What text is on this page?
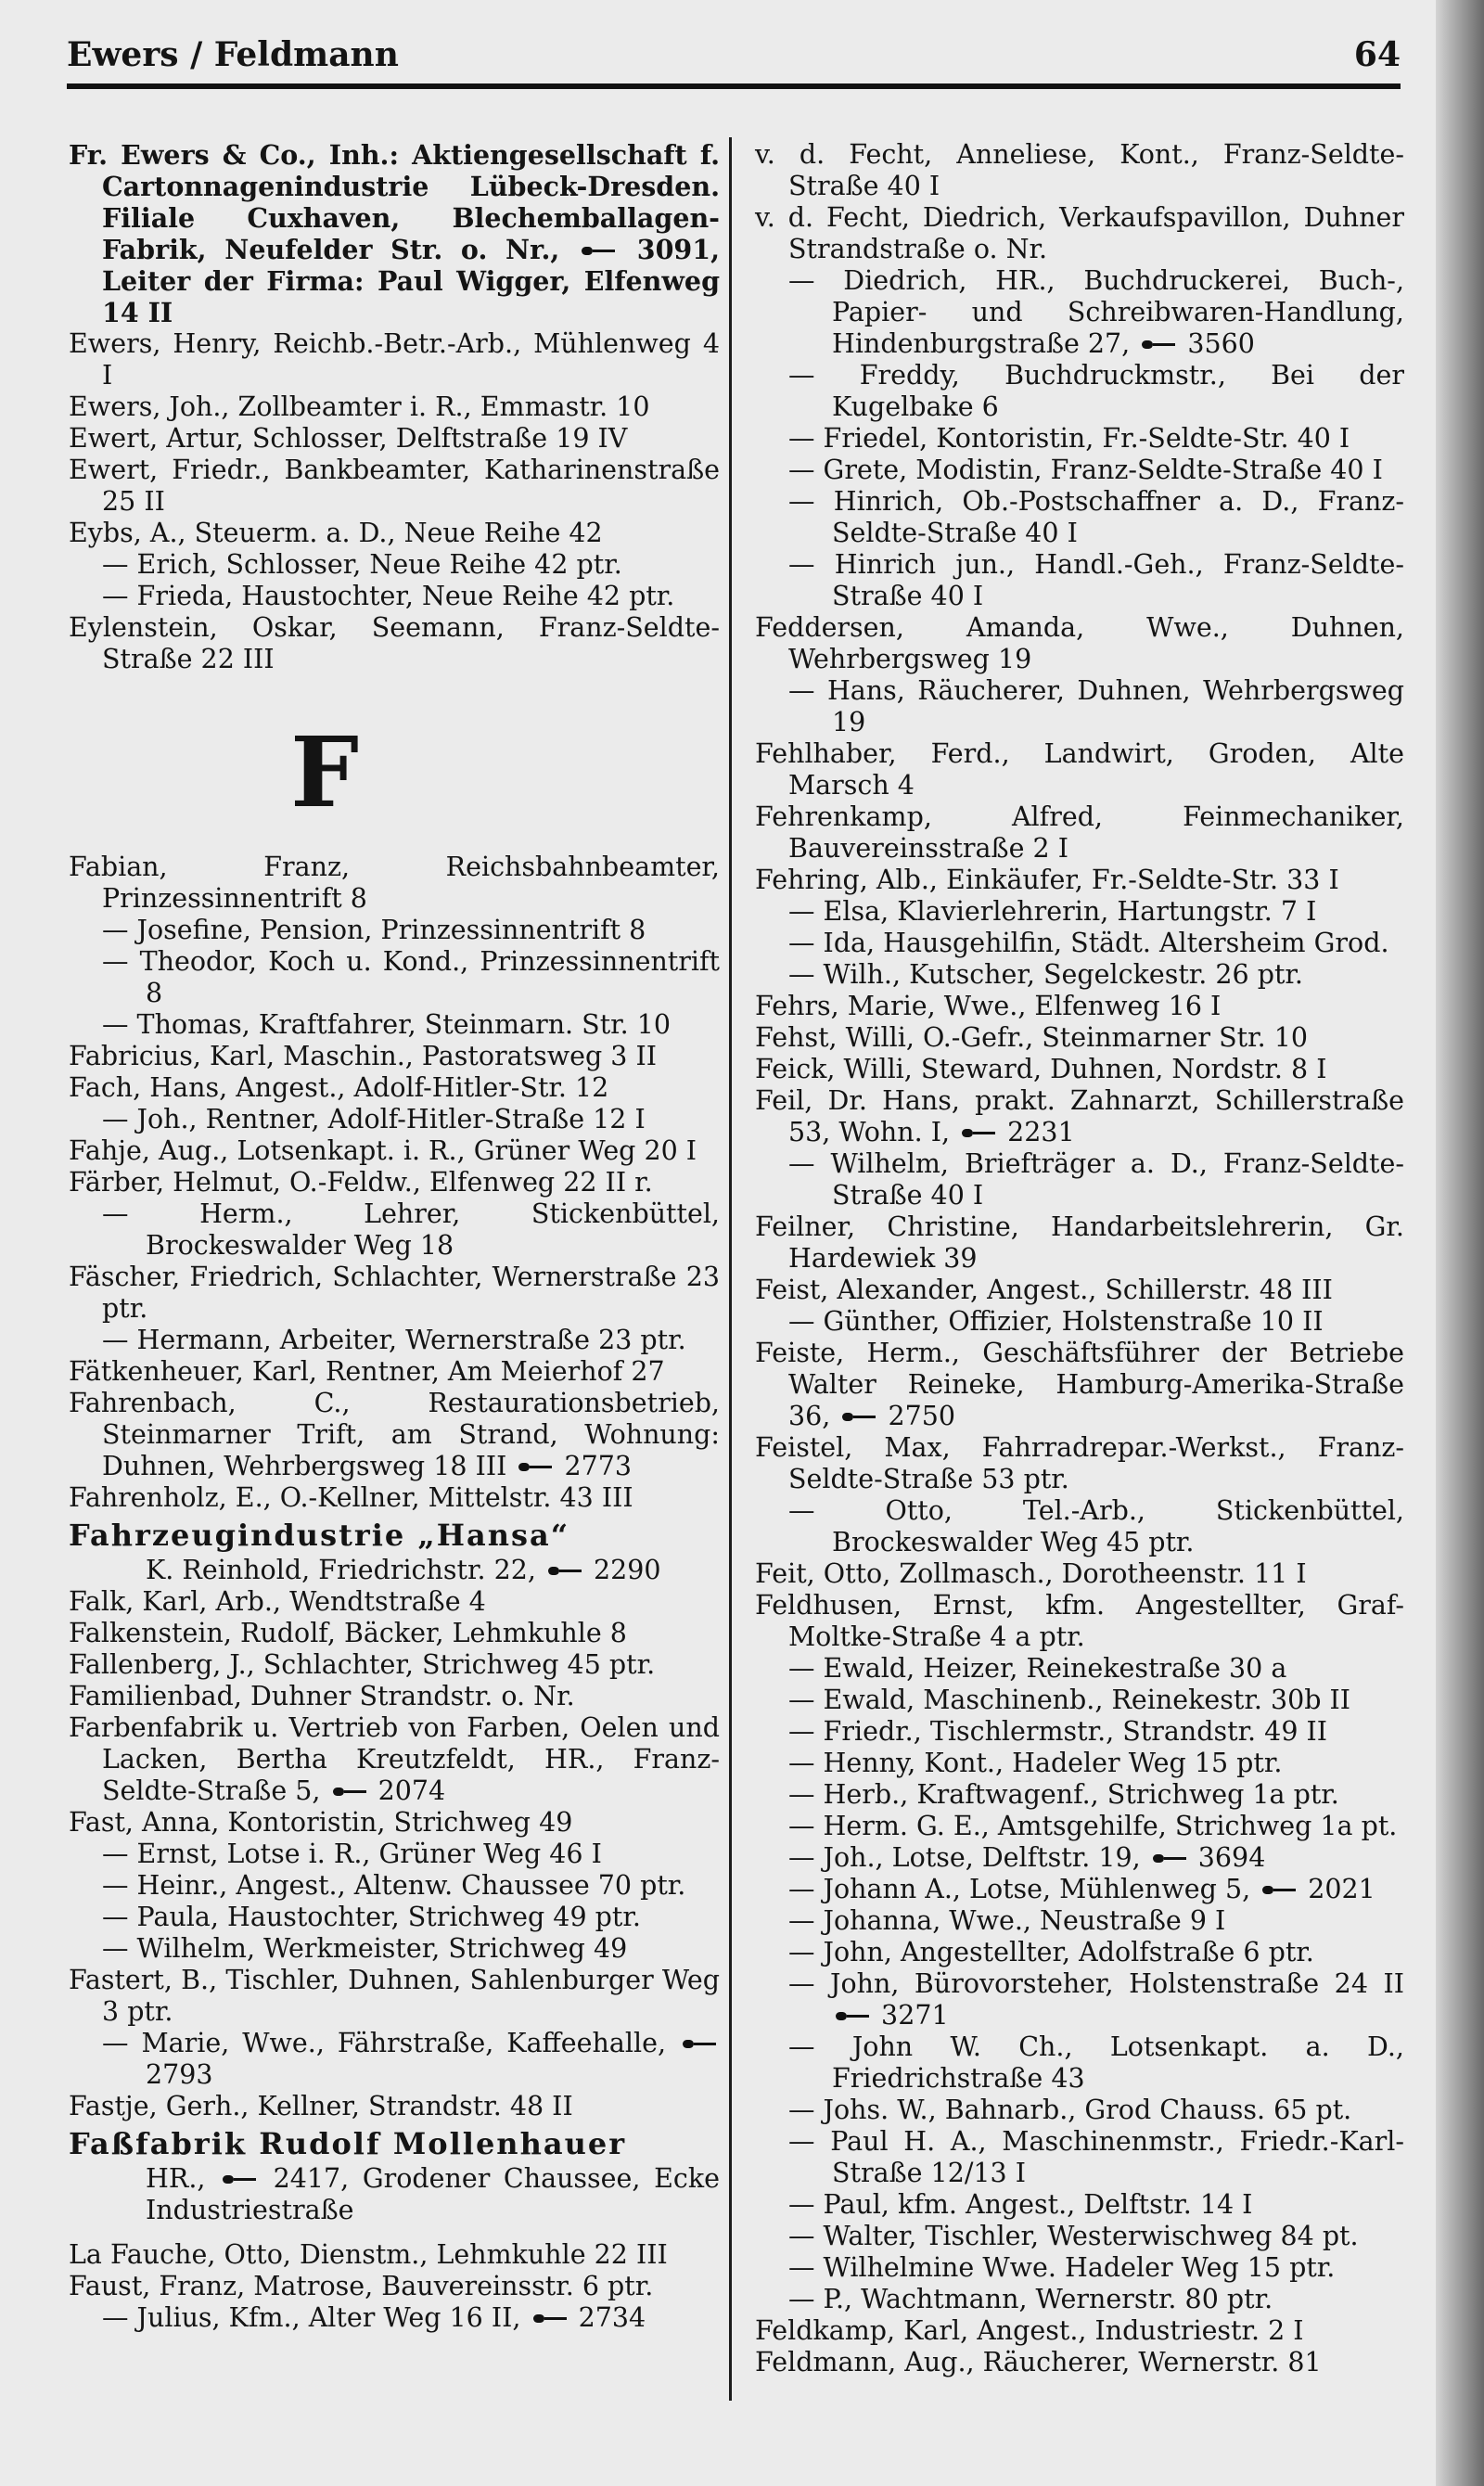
Ewers / Feldmann	64
Fr. Ewers & Co., Inh.: Aktiengesellschaft f. Cartonnagenindustrie Lübeck-Dresden. Filiale Cuxhaven, Blechemballagen-Fabrik, Neufelder Str. o. Nr.,  3091, Leiter der Firma: Paul Wigger, Elfenweg 14 II
Ewers, Henry, Reichb.-Betr.-Arb., Mühlenweg 4 I
Ewers, Joh., Zollbeamter i. R., Emmastr. 10
Ewert, Artur, Schlosser, Delftstraße 19 IV
Ewert, Friedr., Bankbeamter, Katharinenstraße 25 II
Eybs, A., Steuerm. a. D., Neue Reihe 42
— Erich, Schlosser, Neue Reihe 42 ptr.
— Frieda, Haustochter, Neue Reihe 42 ptr.
Eylenstein, Oskar, Seemann, Franz-Seldte-Straße 22 III
F
Fabian, Franz, Reichsbahnbeamter, Prinzessinnentrift 8
— Josefine, Pension, Prinzessinnentrift 8
— Theodor, Koch u. Kond., Prinzessinnentrift 8
— Thomas, Kraftfahrer, Steinmarn. Str. 10
Fabricius, Karl, Maschin., Pastoratsweg 3 II
Fach, Hans, Angest., Adolf-Hitler-Str. 12
— Joh., Rentner, Adolf-Hitler-Straße 12 I
Fahje, Aug., Lotsenkapt. i. R., Grüner Weg 20 I
Färber, Helmut, O.-Feldw., Elfenweg 22 II r.
— Herm., Lehrer, Stickenbüttel, Brockeswalder Weg 18
Fäscher, Friedrich, Schlachter, Wernerstraße 23 ptr.
— Hermann, Arbeiter, Wernerstraße 23 ptr.
Fätkenheuer, Karl, Rentner, Am Meierhof 27
Fahrenbach, C., Restaurationsbetrieb, Steinmarner Trift, am Strand, Wohnung: Duhnen, Wehrbergsweg 18 III  2773
Fahrenholz, E., O.-Kellner, Mittelstr. 43 III
Fahrzeugindustrie „Hansa“
K. Reinhold, Friedrichstr. 22,  2290
Falk, Karl, Arb., Wendtstraße 4
Falkenstein, Rudolf, Bäcker, Lehmkuhle 8
Fallenberg, J., Schlachter, Strichweg 45 ptr.
Familienbad, Duhner Strandstr. o. Nr.
Farbenfabrik u. Vertrieb von Farben, Oelen und Lacken, Bertha Kreutzfeldt, HR., Franz-Seldte-Straße 5,  2074
Fast, Anna, Kontoristin, Strichweg 49
— Ernst, Lotse i. R., Grüner Weg 46 I
— Heinr., Angest., Altenw. Chaussee 70 ptr.
— Paula, Haustochter, Strichweg 49 ptr.
— Wilhelm, Werkmeister, Strichweg 49
Fastert, B., Tischler, Duhnen, Sahlenburger Weg 3 ptr.
— Marie, Wwe., Fährstraße, Kaffeehalle,  2793
Fastje, Gerh., Kellner, Strandstr. 48 II
Faßfabrik Rudolf Mollenhauer
HR.,  2417, Grodener Chaussee, Ecke Industriestraße
La Fauche, Otto, Dienstm., Lehmkuhle 22 III
Faust, Franz, Matrose, Bauvereinsstr. 6 ptr.
— Julius, Kfm., Alter Weg 16 II,  2734
v. d. Fecht, Anneliese, Kont., Franz-Seldte-Straße 40 I
v. d. Fecht, Diedrich, Verkaufspavillon, Duhner Strandstraße o. Nr.
— Diedrich, HR., Buchdruckerei, Buch-, Papier- und Schreibwaren-Handlung, Hindenburgstraße 27,  3560
— Freddy, Buchdruckmstr., Bei der Kugelbake 6
— Friedel, Kontoristin, Fr.-Seldte-Str. 40 I
— Grete, Modistin, Franz-Seldte-Straße 40 I
— Hinrich, Ob.-Postschaffner a. D., Franz-Seldte-Straße 40 I
— Hinrich jun., Handl.-Geh., Franz-Seldte-Straße 40 I
Feddersen, Amanda, Wwe., Duhnen, Wehrbergsweg 19
— Hans, Räucherer, Duhnen, Wehrbergsweg 19
Fehlhaber, Ferd., Landwirt, Groden, Alte Marsch 4
Fehrenkamp, Alfred, Feinmechaniker, Bauvereinsstraße 2 I
Fehring, Alb., Einkäufer, Fr.-Seldte-Str. 33 I
— Elsa, Klavierlehrerin, Hartungstr. 7 I
— Ida, Hausgehilfin, Städt. Altersheim Grod.
— Wilh., Kutscher, Segelckestr. 26 ptr.
Fehrs, Marie, Wwe., Elfenweg 16 I
Fehst, Willi, O.-Gefr., Steinmarner Str. 10
Feick, Willi, Steward, Duhnen, Nordstr. 8 I
Feil, Dr. Hans, prakt. Zahnarzt, Schillerstraße 53, Wohn. I,  2231
— Wilhelm, Briefträger a. D., Franz-Seldte-Straße 40 I
Feilner, Christine, Handarbeitslehrerin, Gr. Hardewiek 39
Feist, Alexander, Angest., Schillerstr. 48 III
— Günther, Offizier, Holstenstraße 10 II
Feiste, Herm., Geschäftsführer der Betriebe Walter Reineke, Hamburg-Amerika-Straße 36,  2750
Feistel, Max, Fahrradrepar.-Werkst., Franz-Seldte-Straße 53 ptr.
— Otto, Tel.-Arb., Stickenbüttel, Brockeswalder Weg 45 ptr.
Feit, Otto, Zollmasch., Dorotheenstr. 11 I
Feldhusen, Ernst, kfm. Angestellter, Graf-Moltke-Straße 4 a ptr.
— Ewald, Heizer, Reinekestraße 30 a
— Ewald, Maschinenb., Reinekestr. 30b II
— Friedr., Tischlermstr., Strandstr. 49 II
— Henny, Kont., Hadeler Weg 15 ptr.
— Herb., Kraftwagenf., Strichweg 1a ptr.
— Herm. G. E., Amtsgehilfe, Strichweg 1a pt.
— Joh., Lotse, Delftstr. 19,  3694
— Johann A., Lotse, Mühlenweg 5,  2021
— Johanna, Wwe., Neustraße 9 I
— John, Angestellter, Adolfstraße 6 ptr.
— John, Bürovorsteher, Holstenstraße 24 II  3271
— John W. Ch., Lotsenkapt. a. D., Friedrichstraße 43
— Johs. W., Bahnarb., Grod Chauss. 65 pt.
— Paul H. A., Maschinenmstr., Friedr.-Karl-Straße 12/13 I
— Paul, kfm. Angest., Delftstr. 14 I
— Walter, Tischler, Westerwischweg 84 pt.
— Wilhelmine Wwe. Hadeler Weg 15 ptr.
— P., Wachtmann, Wernerstr. 80 ptr.
Feldkamp, Karl, Angest., Industriestr. 2 I
Feldmann, Aug., Räucherer, Wernerstr. 81
